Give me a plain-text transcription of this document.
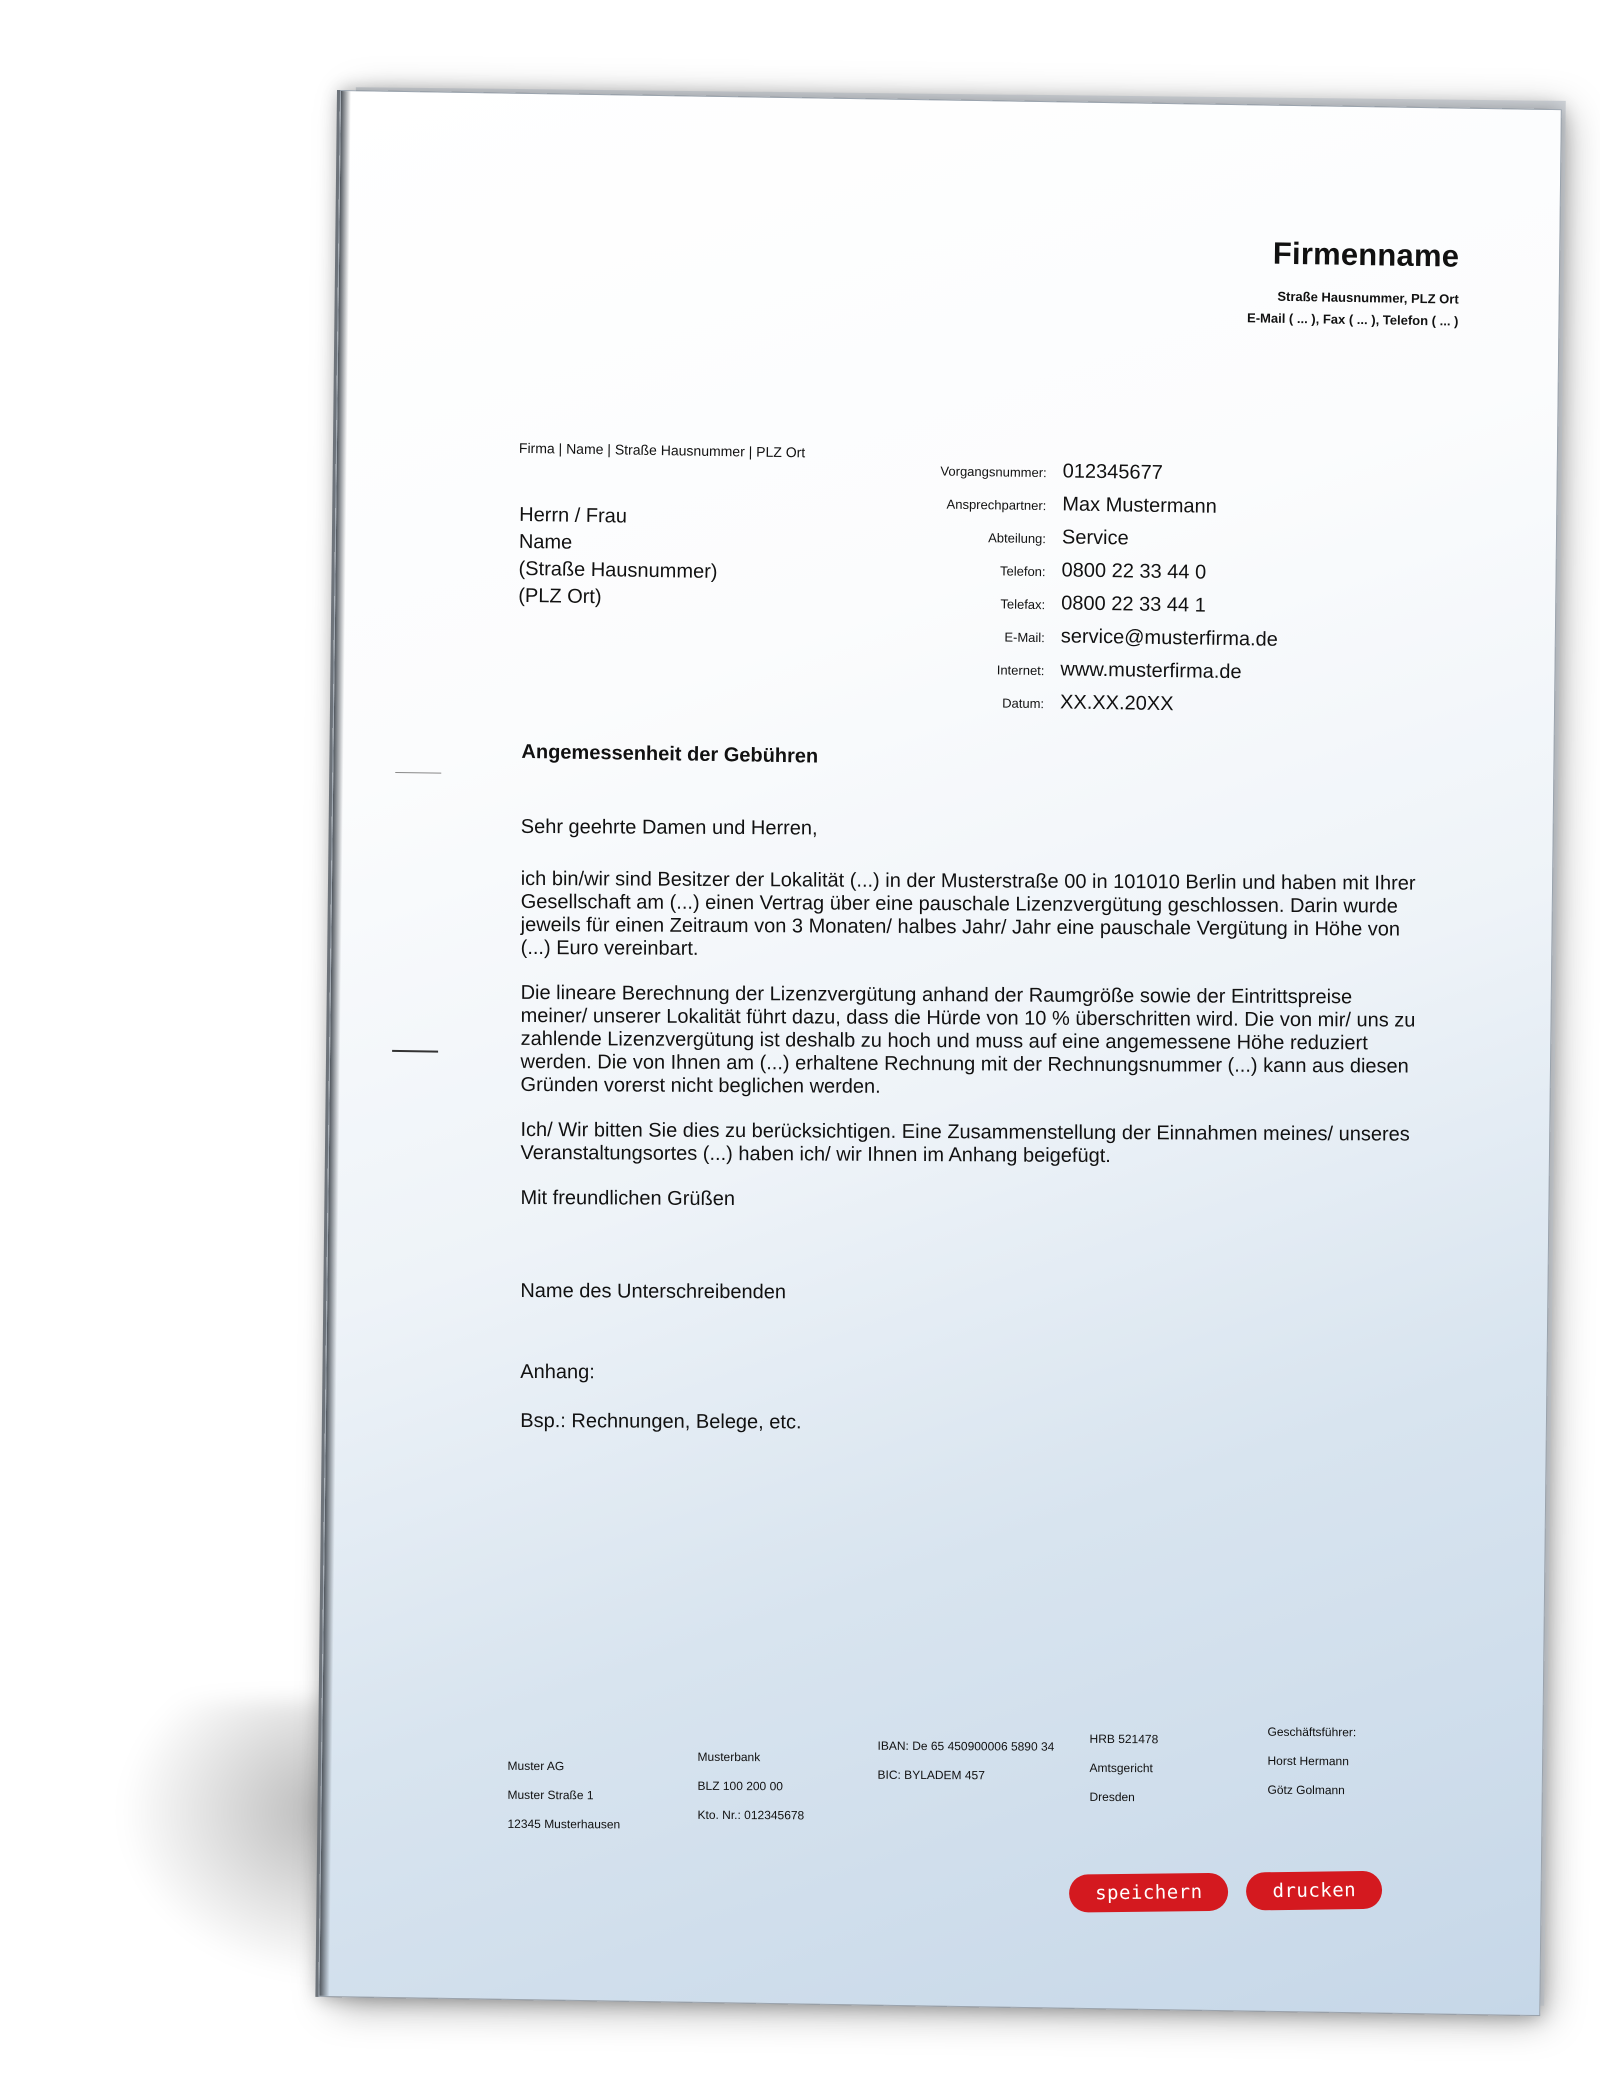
Firmenname
Straße Hausnummer, PLZ Ort
E-Mail ( ... ), Fax ( ... ), Telefon ( ... )
Firma | Name | Straße Hausnummer | PLZ Ort
Herrn / Frau
Name
(Straße Hausnummer)
(PLZ Ort)
Vorgangsnummer: 012345677
Ansprechpartner: Max Mustermann
Abteilung: Service
Telefon: 0800 22 33 44 0
Telefax: 0800 22 33 44 1
E-Mail: service@musterfirma.de
Internet: www.musterfirma.de
Datum: XX.XX.20XX
Angemessenheit der Gebühren

Sehr geehrte Damen und Herren,

ich bin/wir sind Besitzer der Lokalität (...) in der Musterstraße 00 in 101010 Berlin und haben mit Ihrer Gesellschaft am (...) einen Vertrag über eine pauschale Lizenzvergütung geschlossen. Darin wurde jeweils für einen Zeitraum von 3 Monaten/ halbes Jahr/ Jahr eine pauschale Vergütung in Höhe von (...) Euro vereinbart.

Die lineare Berechnung der Lizenzvergütung anhand der Raumgröße sowie der Eintrittspreise meiner/ unserer Lokalität führt dazu, dass die Hürde von 10 % überschritten wird. Die von mir/ uns zu zahlende Lizenzvergütung ist deshalb zu hoch und muss auf eine angemessene Höhe reduziert werden. Die von Ihnen am (...) erhaltene Rechnung mit der Rechnungsnummer (...) kann aus diesen Gründen vorerst nicht beglichen werden.

Ich/ Wir bitten Sie dies zu berücksichtigen. Eine Zusammenstellung der Einnahmen meines/ unseres Veranstaltungsortes (...) haben ich/ wir Ihnen im Anhang beigefügt.

Mit freundlichen Grüßen

Name des Unterschreibenden

Anhang:

Bsp.: Rechnungen, Belege, etc.

Muster AG
Muster Straße 1
12345 Musterhausen
Musterbank
BLZ 100 200 00
Kto. Nr.: 012345678
IBAN: De 65 450900006 5890 34
BIC: BYLADEM 457
HRB 521478
Amtsgericht
Dresden
Geschäftsführer:
Horst Hermann
Götz Golmann
speichern	drucken
